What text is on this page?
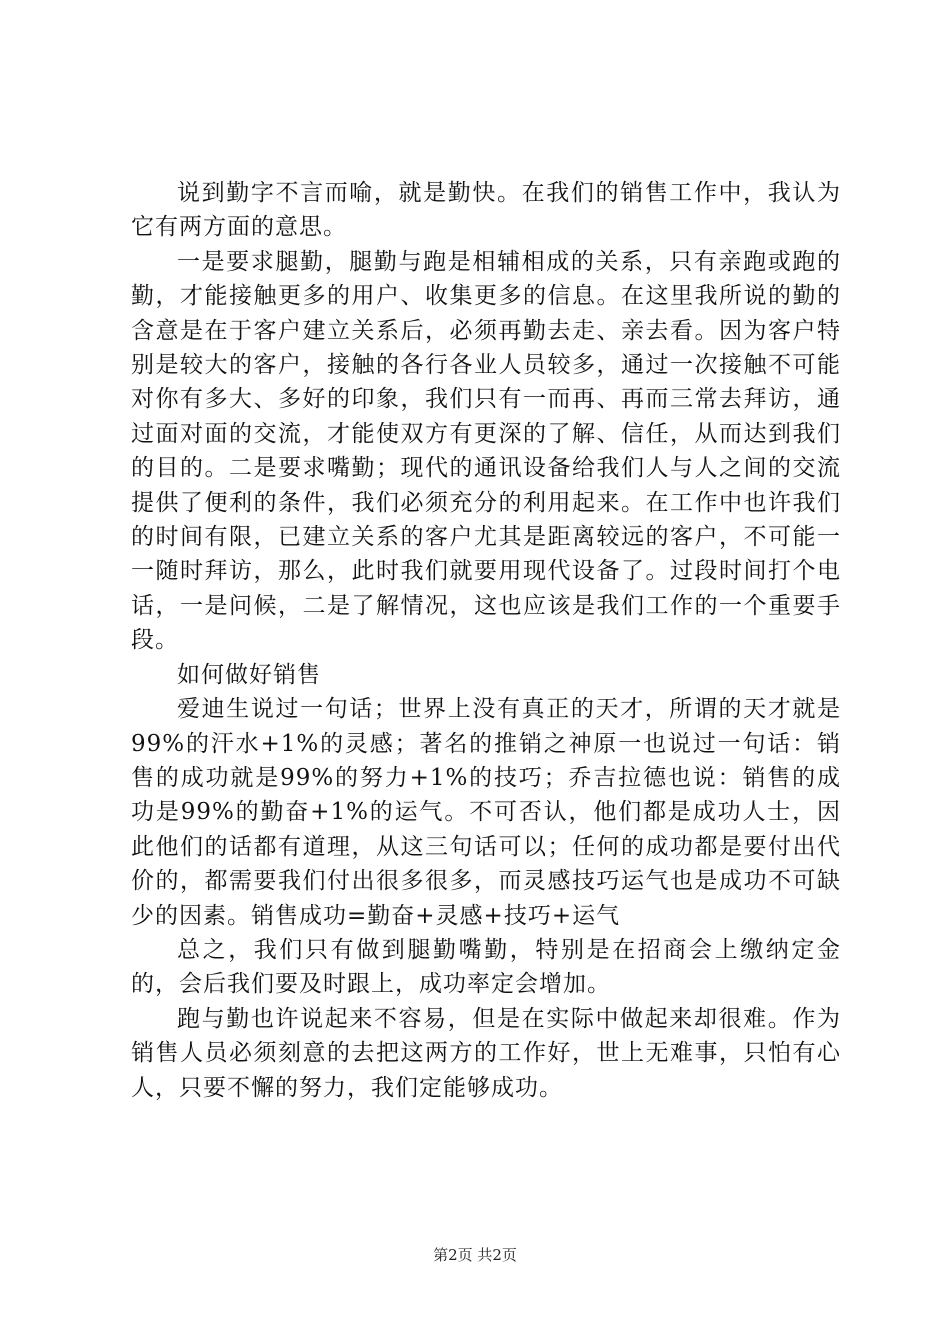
说到勤字不言而喻，就是勤快。在我们的销售工作中，我认为它有两方面的意思。

一是要求腿勤，腿勤与跑是相辅相成的关系，只有亲跑或跑的勤，才能接触更多的用户、收集更多的信息。在这里我所说的勤的含意是在于客户建立关系后，必须再勤去走、亲去看。因为客户特别是较大的客户，接触的各行各业人员较多，通过一次接触不可能对你有多大、多好的印象，我们只有一而再、再而三常去拜访，通过面对面的交流，才能使双方有更深的了解、信任，从而达到我们的目的。二是要求嘴勤；现代的通讯设备给我们人与人之间的交流提供了便利的条件，我们必须充分的利用起来。在工作中也许我们的时间有限，已建立关系的客户尤其是距离较远的客户，不可能一一随时拜访，那么，此时我们就要用现代设备了。过段时间打个电话，一是问候，二是了解情况，这也应该是我们工作的一个重要手段。

如何做好销售

爱迪生说过一句话；世界上没有真正的天才，所谓的天才就是99%的汗水+1%的灵感；著名的推销之神原一也说过一句话：销售的成功就是99%的努力+1%的技巧；乔吉拉德也说：销售的成功是99%的勤奋+1%的运气。不可否认，他们都是成功人士，因此他们的话都有道理，从这三句话可以；任何的成功都是要付出代价的，都需要我们付出很多很多，而灵感技巧运气也是成功不可缺少的因素。销售成功=勤奋+灵感+技巧+运气

总之，我们只有做到腿勤嘴勤，特别是在招商会上缴纳定金的，会后我们要及时跟上，成功率定会增加。

跑与勤也许说起来不容易，但是在实际中做起来却很难。作为销售人员必须刻意的去把这两方的工作好，世上无难事，只怕有心人，只要不懈的努力，我们定能够成功。

第2页 共2页
